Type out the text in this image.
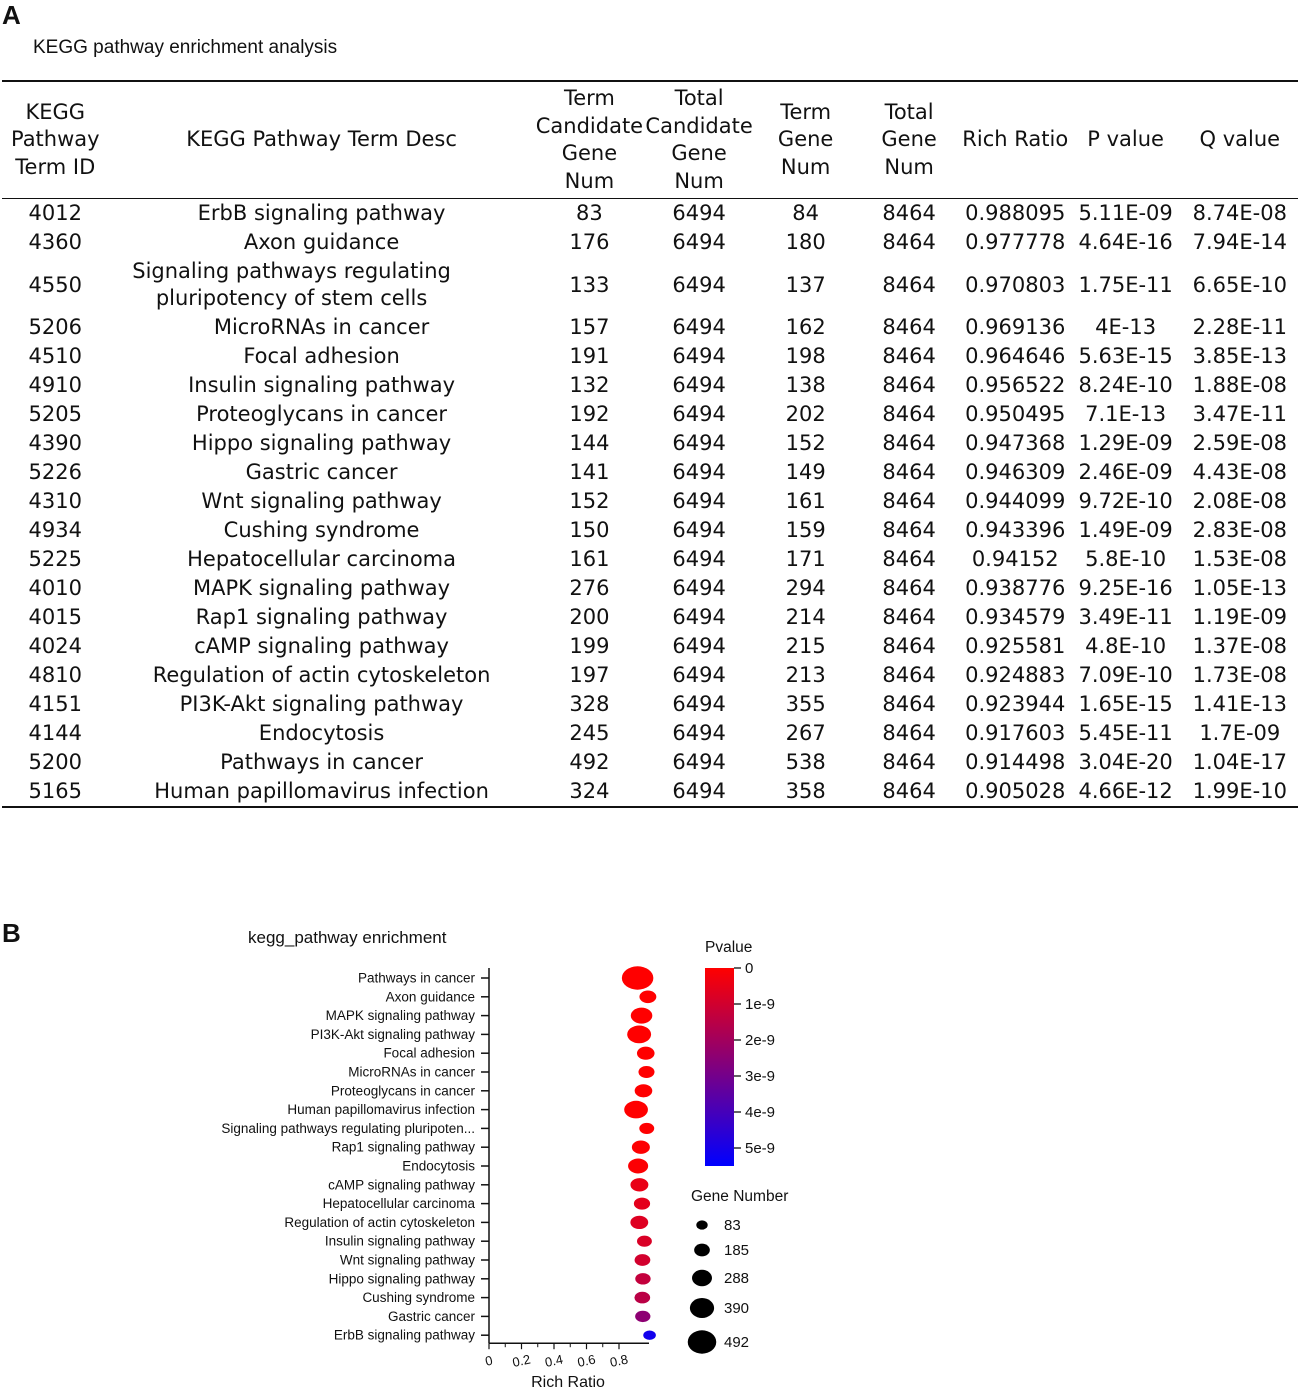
A
KEGG pathway enrichment analysis
KEGG
Pathway
Term ID	KEGG Pathway Term Desc	Term
Candidate
Gene
Num	Total
Candidate
Gene
Num	Term
Gene
Num	Total
Gene
Num	Rich Ratio	P value	Q value
4012	ErbB signaling pathway	83	6494	84	8464	0.988095	5.11E-09	8.74E-08
4360	Axon guidance	176	6494	180	8464	0.977778	4.64E-16	7.94E-14
4550	Signaling pathways regulating pluripotency of stem cells	133	6494	137	8464	0.970803	1.75E-11	6.65E-10
5206	MicroRNAs in cancer	157	6494	162	8464	0.969136	4E-13	2.28E-11
4510	Focal adhesion	191	6494	198	8464	0.964646	5.63E-15	3.85E-13
4910	Insulin signaling pathway	132	6494	138	8464	0.956522	8.24E-10	1.88E-08
5205	Proteoglycans in cancer	192	6494	202	8464	0.950495	7.1E-13	3.47E-11
4390	Hippo signaling pathway	144	6494	152	8464	0.947368	1.29E-09	2.59E-08
5226	Gastric cancer	141	6494	149	8464	0.946309	2.46E-09	4.43E-08
4310	Wnt signaling pathway	152	6494	161	8464	0.944099	9.72E-10	2.08E-08
4934	Cushing syndrome	150	6494	159	8464	0.943396	1.49E-09	2.83E-08
5225	Hepatocellular carcinoma	161	6494	171	8464	0.94152	5.8E-10	1.53E-08
4010	MAPK signaling pathway	276	6494	294	8464	0.938776	9.25E-16	1.05E-13
4015	Rap1 signaling pathway	200	6494	214	8464	0.934579	3.49E-11	1.19E-09
4024	cAMP signaling pathway	199	6494	215	8464	0.925581	4.8E-10	1.37E-08
4810	Regulation of actin cytoskeleton	197	6494	213	8464	0.924883	7.09E-10	1.73E-08
4151	PI3K-Akt signaling pathway	328	6494	355	8464	0.923944	1.65E-15	1.41E-13
4144	Endocytosis	245	6494	267	8464	0.917603	5.45E-11	1.7E-09
5200	Pathways in cancer	492	6494	538	8464	0.914498	3.04E-20	1.04E-17
5165	Human papillomavirus infection	324	6494	358	8464	0.905028	4.66E-12	1.99E-10
B	kegg_pathway enrichment
Pathways in cancer
Axon guidance
MAPK signaling pathway
PI3K-Akt signaling pathway
Focal adhesion
MicroRNAs in cancer
Proteoglycans in cancer
Human papillomavirus infection
Signaling pathways regulating pluripoten...
Rap1 signaling pathway
Endocytosis
cAMP signaling pathway
Hepatocellular carcinoma
Regulation of actin cytoskeleton
Insulin signaling pathway
Wnt signaling pathway
Hippo signaling pathway
Cushing syndrome
Gastric cancer
ErbB signaling pathway
0 0.2 0.4 0.6 0.8
Rich Ratio
Pvalue
0
1e-9
2e-9
3e-9
4e-9
5e-9
Gene Number
83
185
288
390
492
